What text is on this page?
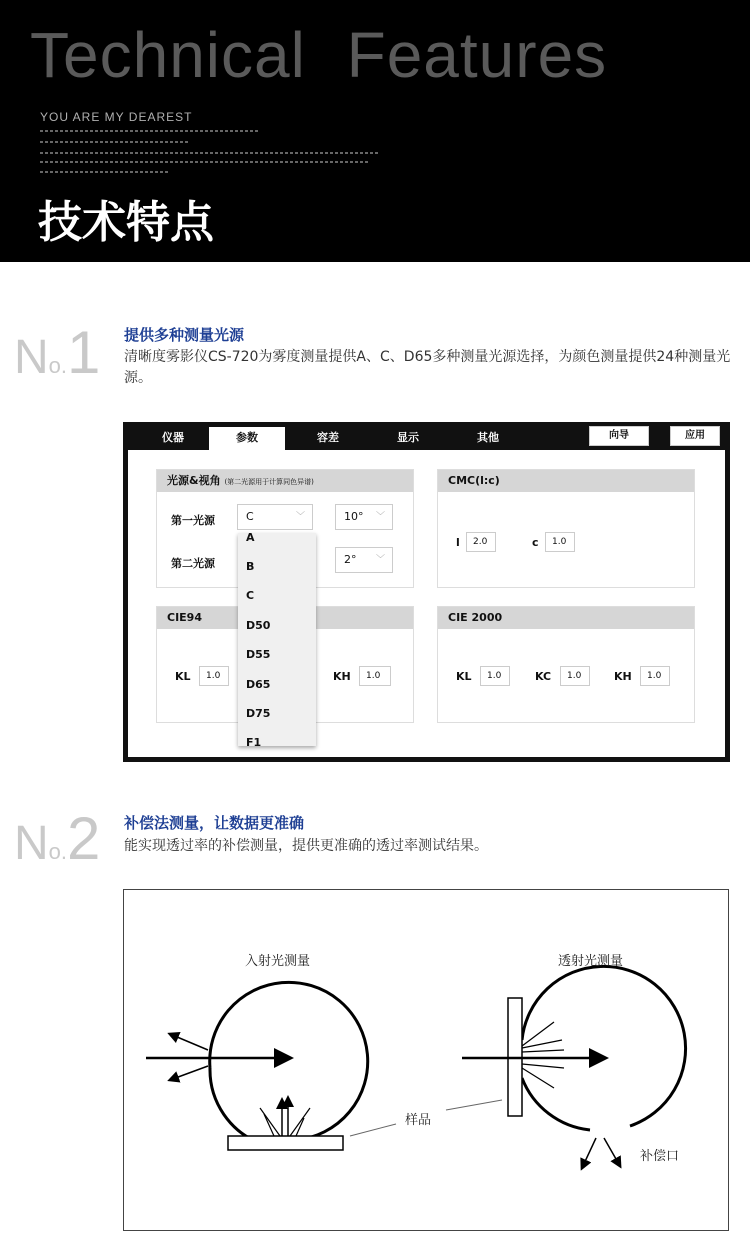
Technical Features
YOU ARE MY DEAREST
技术特点
No.1 提供多种测量光源
清晰度雾影仪CS-720为雾度测量提供A、C、D65多种测量光源选择，为颜色测量提供24种测量光源。
仪器	参数	容差	显示	其他	向导	应用
光源&视角 (第二光源用于计算同色异谱)
第一光源	C	﹀	10° ﹀
第二光源	2° ﹀
CMC(l:c)
l	2.0	c	1.0
CIE94
KL	1.0	KH	1.0
CIE 2000
KL	1.0	KC	1.0	KH	1.0
A
B
C
D50
D55
D65
D75
F1
No.2 补偿法测量，让数据更准确
能实现透过率的补偿测量，提供更准确的透过率测试结果。
入射光测量	透射光测量
样品
补偿口
